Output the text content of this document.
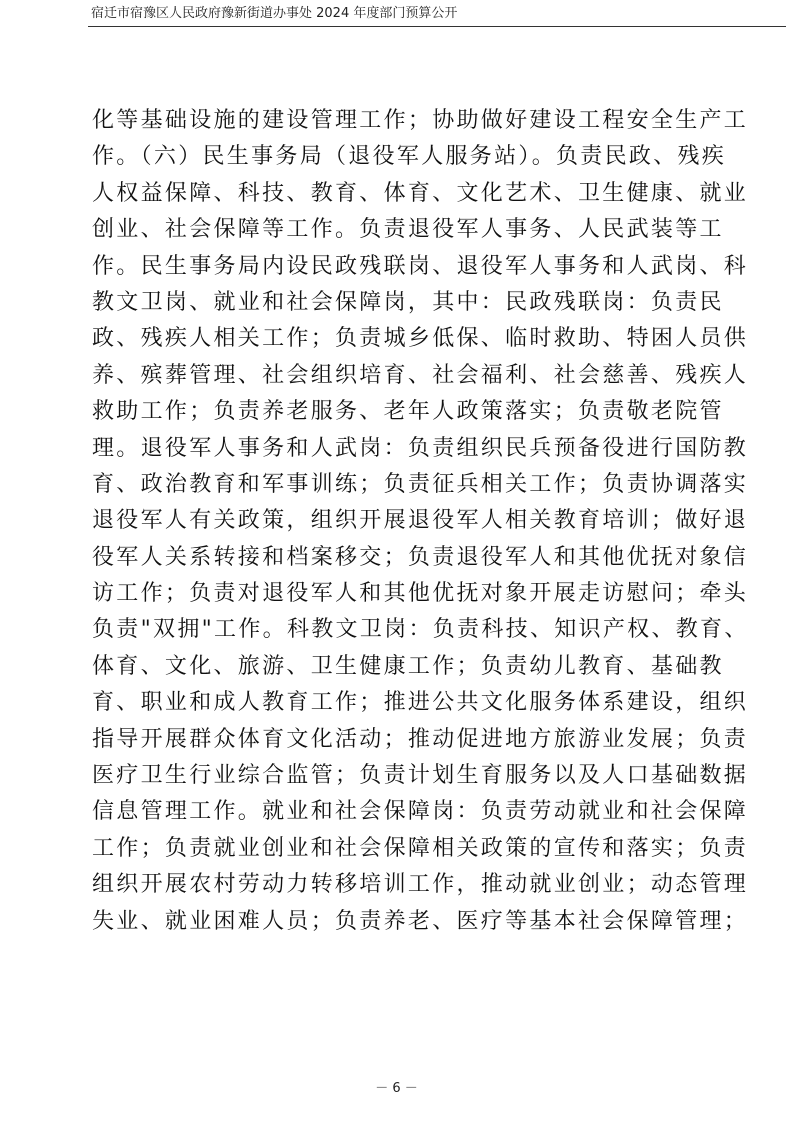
宿迁市宿豫区人民政府豫新街道办事处 2024 年度部门预算公开
化等基础设施的建设管理工作；协助做好建设工程安全生产工
作。（六）民生事务局（退役军人服务站）。负责民政、残疾
人权益保障、科技、教育、体育、文化艺术、卫生健康、就业
创业、社会保障等工作。负责退役军人事务、人民武装等工
作。民生事务局内设民政残联岗、退役军人事务和人武岗、科
教文卫岗、就业和社会保障岗，其中：民政残联岗：负责民
政、残疾人相关工作；负责城乡低保、临时救助、特困人员供
养、殡葬管理、社会组织培育、社会福利、社会慈善、残疾人
救助工作；负责养老服务、老年人政策落实；负责敬老院管
理。退役军人事务和人武岗：负责组织民兵预备役进行国防教
育、政治教育和军事训练；负责征兵相关工作；负责协调落实
退役军人有关政策，组织开展退役军人相关教育培训；做好退
役军人关系转接和档案移交；负责退役军人和其他优抚对象信
访工作；负责对退役军人和其他优抚对象开展走访慰问；牵头
负责"双拥"工作。科教文卫岗：负责科技、知识产权、教育、
体育、文化、旅游、卫生健康工作；负责幼儿教育、基础教
育、职业和成人教育工作；推进公共文化服务体系建设，组织
指导开展群众体育文化活动；推动促进地方旅游业发展；负责
医疗卫生行业综合监管；负责计划生育服务以及人口基础数据
信息管理工作。就业和社会保障岗：负责劳动就业和社会保障
工作；负责就业创业和社会保障相关政策的宣传和落实；负责
组织开展农村劳动力转移培训工作，推动就业创业；动态管理
失业、就业困难人员；负责养老、医疗等基本社会保障管理；
－ 6 －
